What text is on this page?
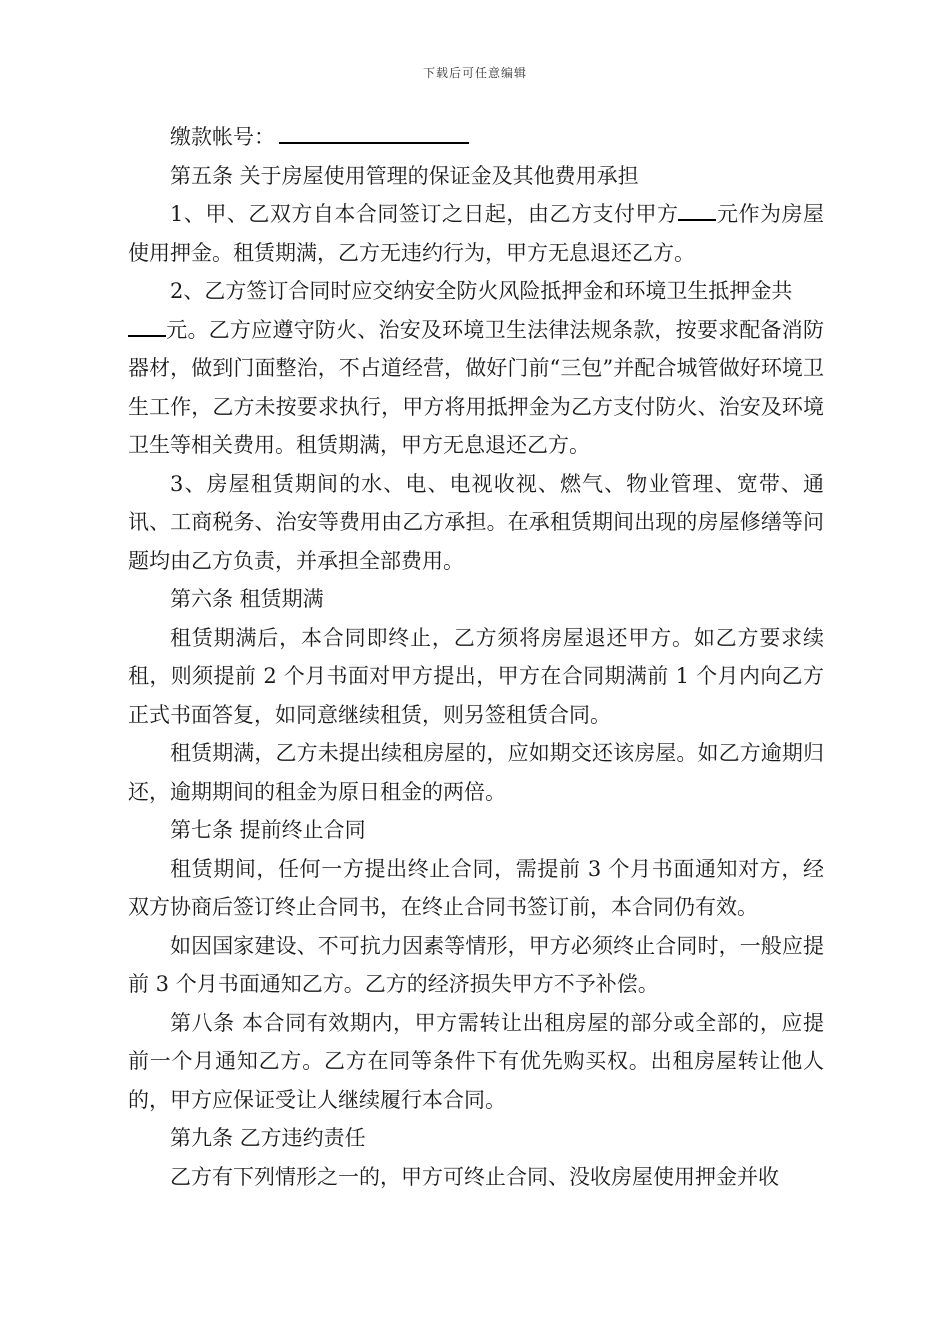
下载后可任意编辑

缴款帐号：

第五条 关于房屋使用管理的保证金及其他费用承担

1、甲、乙双方自本合同签订之日起，由乙方支付甲方 元作为房屋使用押金。租赁期满，乙方无违约行为，甲方无息退还乙方。

2、乙方签订合同时应交纳安全防火风险抵押金和环境卫生抵押金共

元。乙方应遵守防火、治安及环境卫生法律法规条款，按要求配备消防器材，做到门面整治，不占道经营，做好门前“三包”并配合城管做好环境卫生工作，乙方未按要求执行，甲方将用抵押金为乙方支付防火、治安及环境卫生等相关费用。租赁期满，甲方无息退还乙方。

3、房屋租赁期间的水、电、电视收视、燃气、物业管理、宽带、通讯、工商税务、治安等费用由乙方承担。在承租赁期间出现的房屋修缮等问题均由乙方负责，并承担全部费用。

第六条 租赁期满

租赁期满后，本合同即终止，乙方须将房屋退还甲方。如乙方要求续租，则须提前 2 个月书面对甲方提出，甲方在合同期满前 1 个月内向乙方正式书面答复，如同意继续租赁，则另签租赁合同。

租赁期满，乙方未提出续租房屋的，应如期交还该房屋。如乙方逾期归还，逾期期间的租金为原日租金的两倍。

第七条 提前终止合同

租赁期间，任何一方提出终止合同，需提前 3 个月书面通知对方，经双方协商后签订终止合同书，在终止合同书签订前，本合同仍有效。

如因国家建设、不可抗力因素等情形，甲方必须终止合同时，一般应提前 3 个月书面通知乙方。乙方的经济损失甲方不予补偿。

第八条 本合同有效期内，甲方需转让出租房屋的部分或全部的，应提前一个月通知乙方。乙方在同等条件下有优先购买权。出租房屋转让他人的，甲方应保证受让人继续履行本合同。

第九条 乙方违约责任

乙方有下列情形之一的，甲方可终止合同、没收房屋使用押金并收
